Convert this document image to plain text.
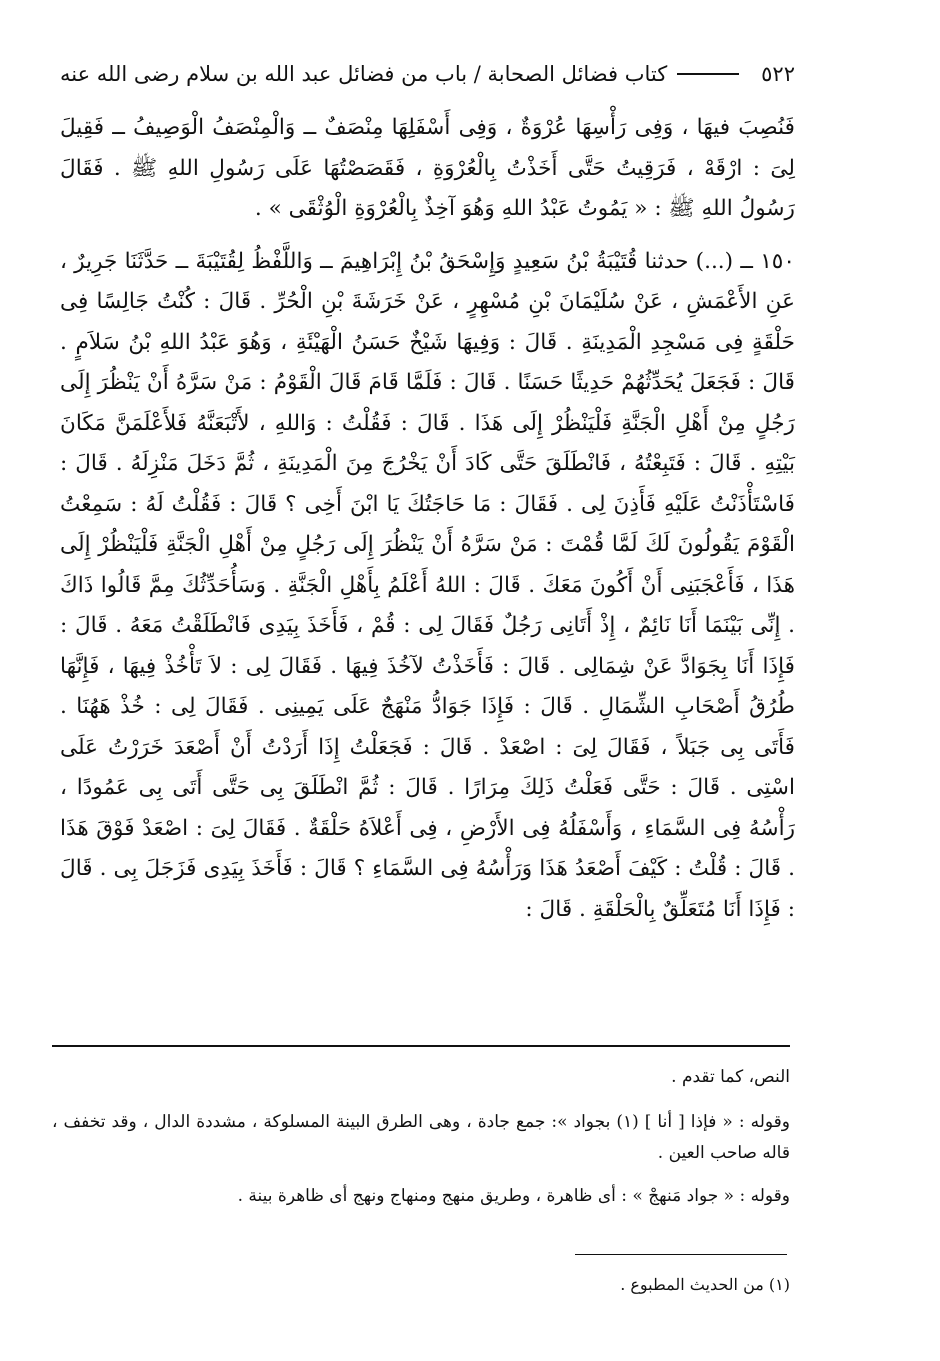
٥٢٢
كتاب فضائل الصحابة / باب من فضائل عبد الله بن سلام رضى الله عنه

فَنُصِبَ فيهَا ، وَفِى رَأْسِهَا عُرْوَةٌ ، وَفِى أَسْفَلِهَا مِنْصَفٌ ــ وَالْمِنْصَفُ الْوَصِيفُ ــ فَقِيلَ لِىَ : ارْقَهْ ، فَرَقِيتُ حَتَّى أَخَذْتُ بِالْعُرْوَةِ ، فَقَصَصْتُهَا عَلَى رَسُولِ اللهِ ﷺ . فَقَالَ رَسُولُ اللهِ ﷺ : « يَمُوتُ عَبْدُ اللهِ وَهُوَ آخِذٌ بِالْعُرْوَةِ الْوُثْقَى » .

١٥٠ ــ (...) حدثنا قُتَيْبَةُ بْنُ سَعِيدٍ وَإِسْحَقُ بْنُ إِبْرَاهِيمَ ــ وَاللَّفْظُ لِقُتَيْبَةَ ــ حَدَّثَنَا جَرِيرٌ ، عَنِ الأَعْمَشِ ، عَنْ سُلَيْمَانَ بْنِ مُسْهِرٍ ، عَنْ خَرَشَةَ بْنِ الْحُرِّ . قَالَ : كُنْتُ جَالِسًا فِى حَلْقَةٍ فِى مَسْجِدِ الْمَدِينَةِ . قَالَ : وَفِيهَا شَيْخٌ حَسَنُ الْهَيْئَةِ ، وَهُوَ عَبْدُ اللهِ بْنُ سَلاَمٍ . قَالَ : فَجَعَلَ يُحَدِّثُهُمْ حَدِيثًا حَسَنًا . قَالَ : فَلَمَّا قَامَ قَالَ الْقَوْمُ : مَنْ سَرَّهُ أَنْ يَنْظُرَ إِلَى رَجُلٍ مِنْ أَهْلِ الْجَنَّةِ فَلْيَنْظُرْ إِلَى هَذَا . قَالَ : فَقُلْتُ : وَاللهِ ، لأَتْبَعَنَّهُ فَلأَعْلَمَنَّ مَكَانَ بَيْتِهِ . قَالَ : فَتَبِعْتُهُ ، فَانْطَلَقَ حَتَّى كَادَ أَنْ يَخْرُجَ مِنَ الْمَدِينَةِ ، ثُمَّ دَخَلَ مَنْزِلَهُ . قَالَ : فَاسْتَأْذَنْتُ عَلَيْهِ فَأَذِنَ لِى . فَقَالَ : مَا حَاجَتُكَ يَا ابْنَ أَخِى ؟ قَالَ : فَقُلْتُ لَهُ : سَمِعْتُ الْقَوْمَ يَقُولُونَ لَكَ لَمَّا قُمْتَ : مَنْ سَرَّهُ أَنْ يَنْظُرَ إِلَى رَجُلٍ مِنْ أَهْلِ الْجَنَّةِ فَلْيَنْظُرْ إِلَى هَذَا ، فَأَعْجَبَنِى أَنْ أَكُونَ مَعَكَ . قَالَ : اللهُ أَعْلَمُ بِأَهْلِ الْجَنَّةِ . وَسَأُحَدِّثُكَ مِمَّ قَالُوا ذَاكَ . إِنِّى بَيْنَمَا أَنَا نَائِمٌ ، إِذْ أَتَانِى رَجُلٌ فَقَالَ لِى : قُمْ ، فَأَخَذَ بِيَدِى فَانْطَلَقْتُ مَعَهُ . قَالَ : فَإِذَا أَنَا بِجَوَادَّ عَنْ شِمَالِى . قَالَ : فَأَخَذْتُ لآخُذَ فِيهَا . فَقَالَ لِى : لاَ تَأْخُذْ فِيهَا ، فَإِنَّهَا طُرُقُ أَصْحَابِ الشِّمَالِ . قَالَ : فَإِذَا جَوَادُّ مَنْهَجٌ عَلَى يَمِينِى . فَقَالَ لِى : خُذْ هَهُنَا . فَأَتَى بِى جَبَلاً ، فَقَالَ لِىَ : اصْعَدْ . قَالَ : فَجَعَلْتُ إِذَا أَرَدْتُ أَنْ أَصْعَدَ خَرَرْتُ عَلَى اسْتِى . قَالَ : حَتَّى فَعَلْتُ ذَلِكَ مِرَارًا . قَالَ : ثُمَّ انْطَلَقَ بِى حَتَّى أَتَى بِى عَمُودًا ، رَأْسُهُ فِى السَّمَاءِ ، وَأَسْفَلُهُ فِى الأَرْضِ ، فِى أَعْلاَهُ حَلْقَةٌ . فَقَالَ لِىَ : اصْعَدْ فَوْقَ هَذَا . قَالَ : قُلْتُ : كَيْفَ أَصْعَدُ هَذَا وَرَأْسُهُ فِى السَّمَاءِ ؟ قَالَ : فَأَخَذَ بِيَدِى فَزَجَلَ بِى . قَالَ : فَإِذَا أَنَا مُتَعَلِّقٌ بِالْحَلْقَةِ . قَالَ :

النص، كما تقدم .

وقوله : « فإذا [ أنا ] (١) بجواد »: جمع جادة ، وهى الطرق البينة المسلوكة ، مشددة الدال ، وقد تخفف ، قاله صاحب العين .

وقوله : « جواد مَنهجْ » : أى ظاهرة ، وطريق منهج ومنهاج ونهج أى ظاهرة بينة .

(١) من الحديث المطبوع .
